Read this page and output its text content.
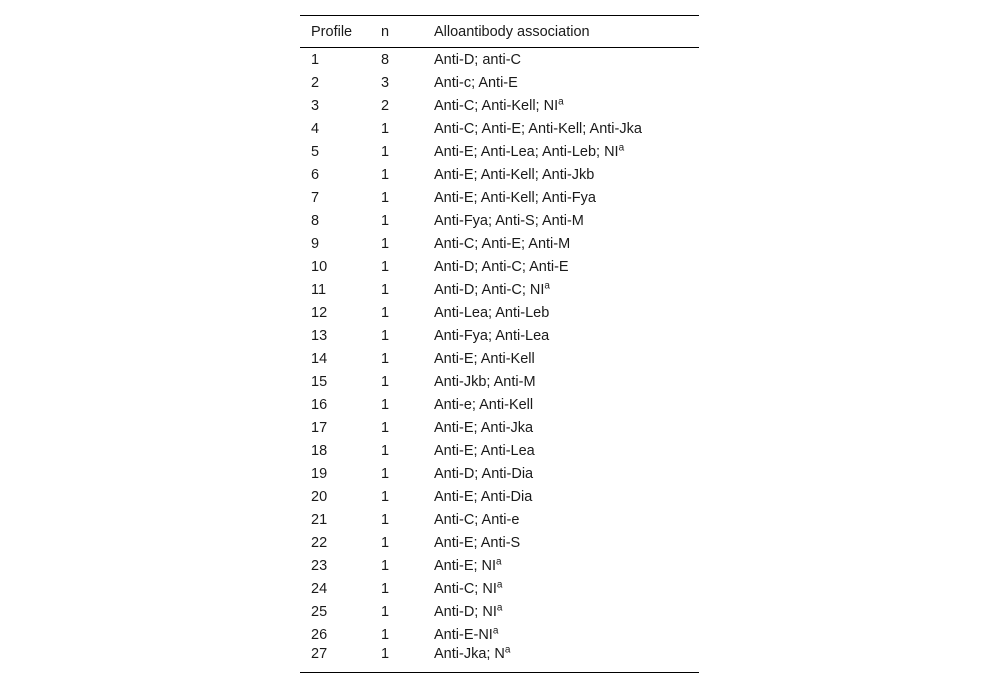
Profile	n	Alloantibody association
1	8	Anti-D; anti-C
2	3	Anti-c; Anti-E
3	2	Anti-C; Anti-Kell; $NI^a$
4	1	Anti-C; Anti-E; Anti-Kell; Anti-Jka
5	1	Anti-E; Anti-Lea; Anti-Leb; $NI^a$
6	1	Anti-E; Anti-Kell; Anti-Jkb
7	1	Anti-E; Anti-Kell; Anti-Fya
8	1	Anti-Fya; Anti-S; Anti-M
9	1	Anti-C; Anti-E; Anti-M
10	1	Anti-D; Anti-C; Anti-E
11	1	Anti-D; Anti-C; $NI^a$
12	1	Anti-Lea; Anti-Leb
13	1	Anti-Fya; Anti-Lea
14	1	Anti-E; Anti-Kell
15	1	Anti-Jkb; Anti-M
16	1	Anti-e; Anti-Kell
17	1	Anti-E; Anti-Jka
18	1	Anti-E; Anti-Lea
19	1	Anti-D; Anti-Dia
20	1	Anti-E; Anti-Dia
21	1	Anti-C; Anti-e
22	1	Anti-E; Anti-S
23	1	Anti-E; $NI^a$
24	1	Anti-C; $NI^a$
25	1	Anti-D; $NI^a$
26	1	Anti-$E-NI^a$
27	1	Anti-Jka; $N^a$
